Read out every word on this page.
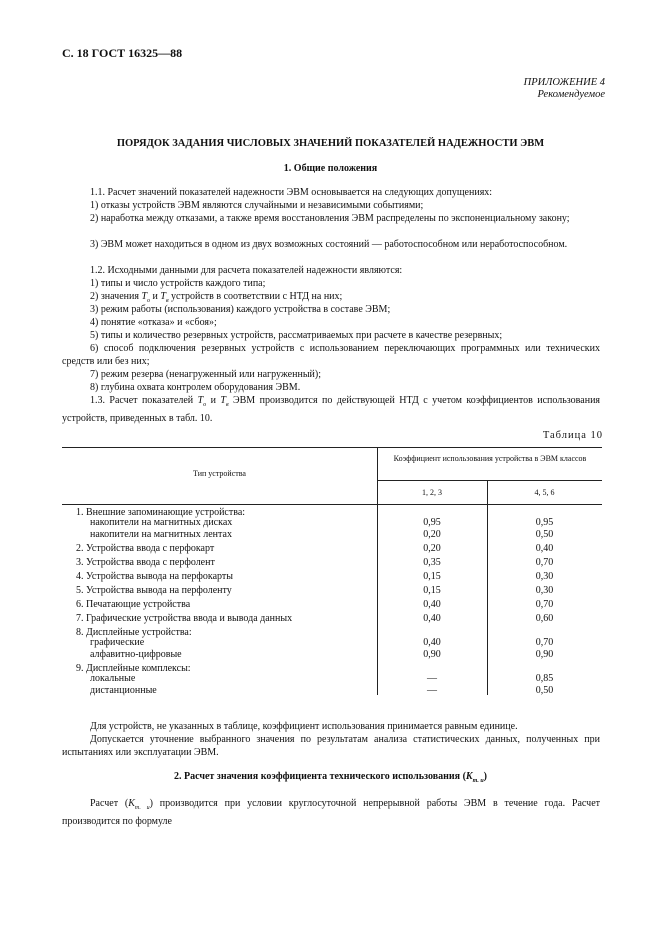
С. 18 ГОСТ 16325—88
ПРИЛОЖЕНИЕ 4
Рекомендуемое
ПОРЯДОК ЗАДАНИЯ ЧИСЛОВЫХ ЗНАЧЕНИЙ ПОКАЗАТЕЛЕЙ НАДЕЖНОСТИ ЭВМ
1. Общие положения
1.1. Расчет значений показателей надежности ЭВМ основывается на следующих допущениях:
1) отказы устройств ЭВМ являются случайными и независимыми событиями;
2) наработка между отказами, а также время восстановления ЭВМ распределены по экспоненциальному закону;
3) ЭВМ может находиться в одном из двух возможных состояний — работоспособном или неработоспособном.
1.2. Исходными данными для расчета показателей надежности являются:
1) типы и число устройств каждого типа;
2) значения $T_о$ и $T_в$ устройств в соответствии с НТД на них;
3) режим работы (использования) каждого устройства в составе ЭВМ;
4) понятие «отказа» и «сбоя»;
5) типы и количество резервных устройств, рассматриваемых при расчете в качестве резервных;
6) способ подключения резервных устройств с использованием переключающих программных или технических средств или без них;
7) режим резерва (ненагруженный или нагруженный);
8) глубина охвата контролем оборудования ЭВМ.
1.3. Расчет показателей $T_о$ и $T_в$ ЭВМ производится по действующей НТД с учетом коэффициентов использования устройств, приведенных в табл. 10.
Таблица 10
Тип устройства
Коэффициент использования устройства в ЭВМ классов
1, 2, 3	4, 5, 6
1. Внешние запоминающие устройства:
накопители на магнитных дисках	0,95	0,95
накопители на магнитных лентах	0,20	0,50
2. Устройства ввода с перфокарт	0,20	0,40
3. Устройства ввода с перфолент	0,35	0,70
4. Устройства вывода на перфокарты	0,15	0,30
5. Устройства вывода на перфоленту	0,15	0,30
6. Печатающие устройства	0,40	0,70
7. Графические устройства ввода и вывода данных	0,40	0,60
8. Дисплейные устройства:
графические	0,40	0,70
алфавитно-цифровые	0,90	0,90
9. Дисплейные комплексы:
локальные	—	0,85
дистанционные	—	0,50
Для устройств, не указанных в таблице, коэффициент использования принимается равным единице.
Допускается уточнение выбранного значения по результатам анализа статистических данных, полученных при испытаниях или эксплуатации ЭВМ.
2. Расчет значения коэффициента технического использования $(K_{т. и})$
Расчет $(K_{т. и})$ производится при условии круглосуточной непрерывной работы ЭВМ в течение года. Расчет производится по формуле
